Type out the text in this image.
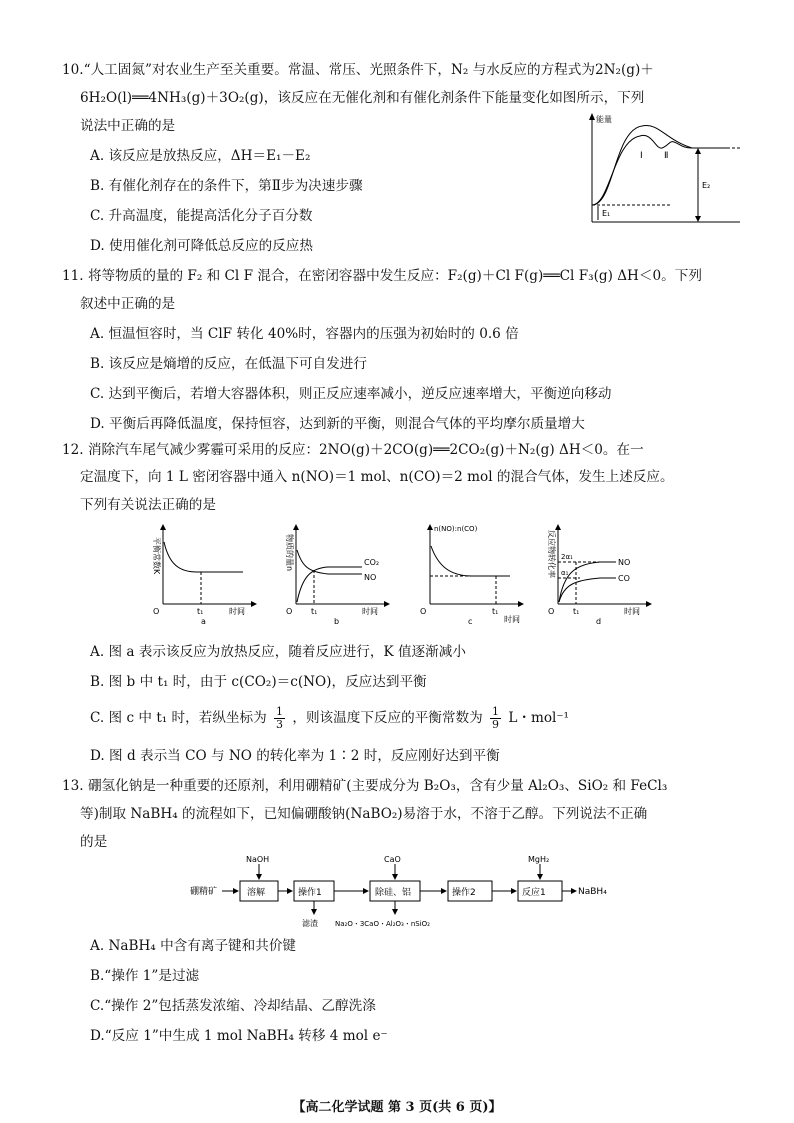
10.“人工固氮”对农业生产至关重要。常温、常压、光照条件下，N₂ 与水反应的方程式为2N₂(g)＋
6H₂O(l)══4NH₃(g)＋3O₂(g)，该反应在无催化剂和有催化剂条件下能量变化如图所示，下列
说法中正确的是
A. 该反应是放热反应，ΔH＝E₁－E₂
B. 有催化剂存在的条件下，第Ⅱ步为决速步骤
C. 升高温度，能提高活化分子百分数
D. 使用催化剂可降低总反应的反应热
能量
Ⅰ Ⅱ
E₂
E₁
11. 将等物质的量的 F₂ 和 Cl F 混合，在密闭容器中发生反应：F₂(g)＋Cl F(g)══Cl F₃(g) ΔH＜0。下列
叙述中正确的是
A. 恒温恒容时，当 ClF 转化 40%时，容器内的压强为初始时的 0.6 倍
B. 该反应是熵增的反应，在低温下可自发进行
C. 达到平衡后，若增大容器体积，则正反应速率减小，逆反应速率增大，平衡逆向移动
D. 平衡后再降低温度，保持恒容，达到新的平衡，则混合气体的平均摩尔质量增大
12. 消除汽车尾气减少雾霾可采用的反应：2NO(g)＋2CO(g)══2CO₂(g)＋N₂(g) ΔH＜0。在一
定温度下，向 1 L 密闭容器中通入 n(NO)＝1 mol、n(CO)＝2 mol 的混合气体，发生上述反应。
下列有关说法正确的是
平衡常数K
O	t₁	时间
a
物质的量n	CO₂
NO
O t₁	时间
b
n(NO):n(CO)
O	t₁
时间
c
反应物转化率 2α₁
α₁
NO
CO
O t₁	时间
d
A. 图 a 表示该反应为放热反应，随着反应进行，K 值逐渐减小
B. 图 b 中 t₁ 时，由于 c(CO₂)＝c(NO)，反应达到平衡
C. 图 c 中 t₁ 时，若纵坐标为 $\frac{1}{3}$ ，则该温度下反应的平衡常数为 $\frac{1}{9}$ L・mol⁻¹
D. 图 d 表示当 CO 与 NO 的转化率为 1∶2 时，反应刚好达到平衡
13. 硼氢化钠是一种重要的还原剂，利用硼精矿(主要成分为 B₂O₃，含有少量 Al₂O₃、SiO₂ 和 FeCl₃
等)制取 NaBH₄ 的流程如下，已知偏硼酸钠(NaBO₂)易溶于水，不溶于乙醇。下列说法不正确
的是
硼精矿	溶解
NaOH
操作1
滤渣
除硅、铝
CaO
Na₂O・3CaO・Al₂O₃・nSiO₂
操作2	反应1
MgH₂
NaBH₄
A. NaBH₄ 中含有离子键和共价键
B.“操作 1”是过滤
C.“操作 2”包括蒸发浓缩、冷却结晶、乙醇洗涤
D.“反应 1”中生成 1 mol NaBH₄ 转移 4 mol e⁻
【高二化学试题 第 3 页(共 6 页)】
